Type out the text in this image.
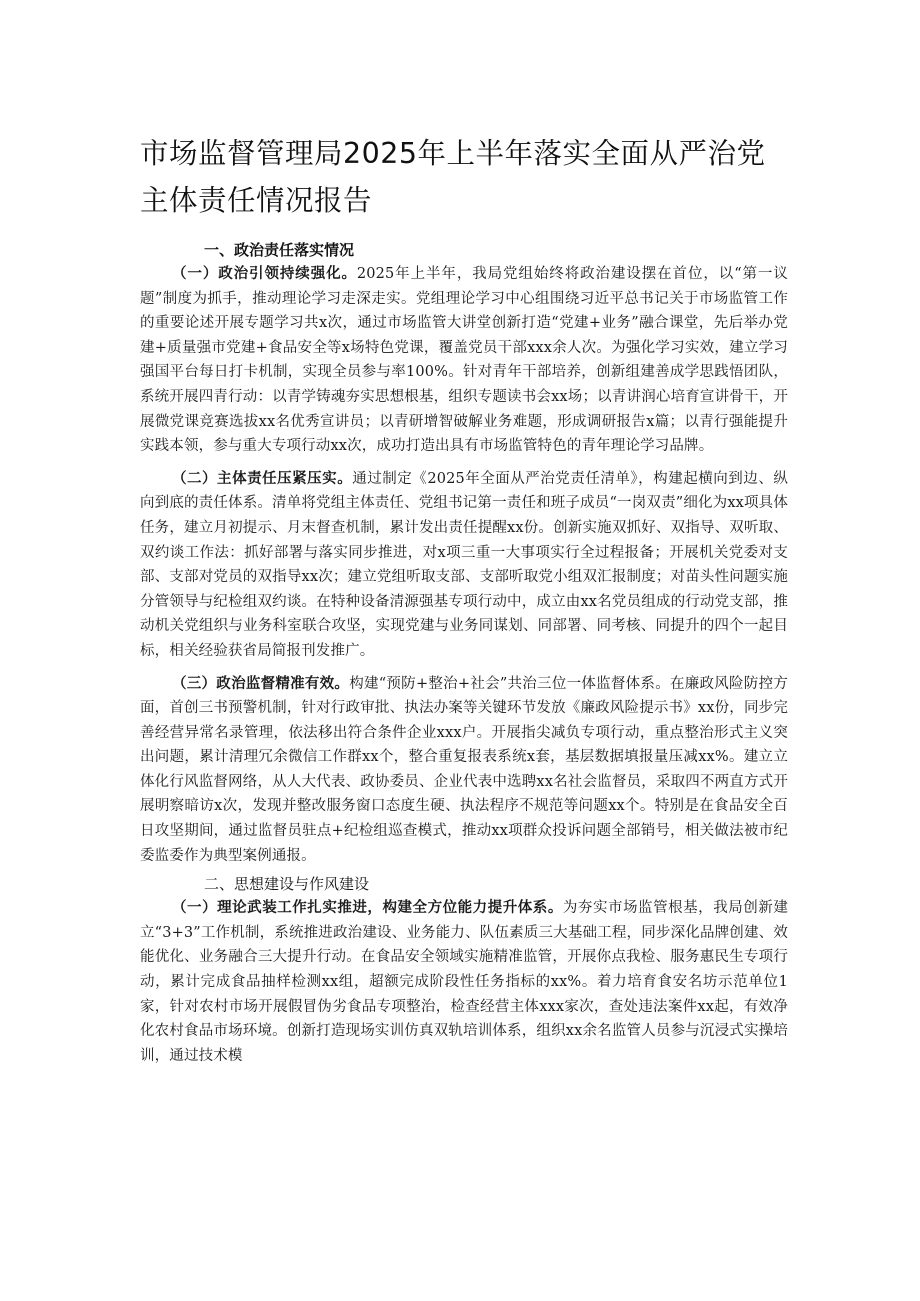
市场监督管理局2025年上半年落实全面从严治党主体责任情况报告

一、政治责任落实情况

（一）政治引领持续强化。2025年上半年，我局党组始终将政治建设摆在首位，以“第一议题”制度为抓手，推动理论学习走深走实。党组理论学习中心组围绕习近平总书记关于市场监管工作的重要论述开展专题学习共x次，通过市场监管大讲堂创新打造“党建+业务”融合课堂，先后举办党建+质量强市党建+食品安全等x场特色党课，覆盖党员干部xxx余人次。为强化学习实效，建立学习强国平台每日打卡机制，实现全员参与率100%。针对青年干部培养，创新组建善成学思践悟团队，系统开展四青行动：以青学铸魂夯实思想根基，组织专题读书会xx场；以青讲润心培育宣讲骨干，开展微党课竞赛选拔xx名优秀宣讲员；以青研增智破解业务难题，形成调研报告x篇；以青行强能提升实践本领，参与重大专项行动xx次，成功打造出具有市场监管特色的青年理论学习品牌。

（二）主体责任压紧压实。通过制定《2025年全面从严治党责任清单》，构建起横向到边、纵向到底的责任体系。清单将党组主体责任、党组书记第一责任和班子成员“一岗双责”细化为xx项具体任务，建立月初提示、月末督查机制，累计发出责任提醒xx份。创新实施双抓好、双指导、双听取、双约谈工作法：抓好部署与落实同步推进，对x项三重一大事项实行全过程报备；开展机关党委对支部、支部对党员的双指导xx次；建立党组听取支部、支部听取党小组双汇报制度；对苗头性问题实施分管领导与纪检组双约谈。在特种设备清源强基专项行动中，成立由xx名党员组成的行动党支部，推动机关党组织与业务科室联合攻坚，实现党建与业务同谋划、同部署、同考核、同提升的四个一起目标，相关经验获省局简报刊发推广。

（三）政治监督精准有效。构建“预防+整治+社会”共治三位一体监督体系。在廉政风险防控方面，首创三书预警机制，针对行政审批、执法办案等关键环节发放《廉政风险提示书》xx份，同步完善经营异常名录管理，依法移出符合条件企业xxx户。开展指尖减负专项行动，重点整治形式主义突出问题，累计清理冗余微信工作群xx个，整合重复报表系统x套，基层数据填报量压减xx%。建立立体化行风监督网络，从人大代表、政协委员、企业代表中选聘xx名社会监督员，采取四不两直方式开展明察暗访x次，发现并整改服务窗口态度生硬、执法程序不规范等问题xx个。特别是在食品安全百日攻坚期间，通过监督员驻点+纪检组巡查模式，推动xx项群众投诉问题全部销号，相关做法被市纪委监委作为典型案例通报。

二、思想建设与作风建设

（一）理论武装工作扎实推进，构建全方位能力提升体系。为夯实市场监管根基，我局创新建立“3+3”工作机制，系统推进政治建设、业务能力、队伍素质三大基础工程，同步深化品牌创建、效能优化、业务融合三大提升行动。在食品安全领域实施精准监管，开展你点我检、服务惠民生专项行动，累计完成食品抽样检测xx组，超额完成阶段性任务指标的xx%。着力培育食安名坊示范单位1家，针对农村市场开展假冒伪劣食品专项整治，检查经营主体xxx家次，查处违法案件xx起，有效净化农村食品市场环境。创新打造现场实训仿真双轨培训体系，组织xx余名监管人员参与沉浸式实操培训，通过技术模
